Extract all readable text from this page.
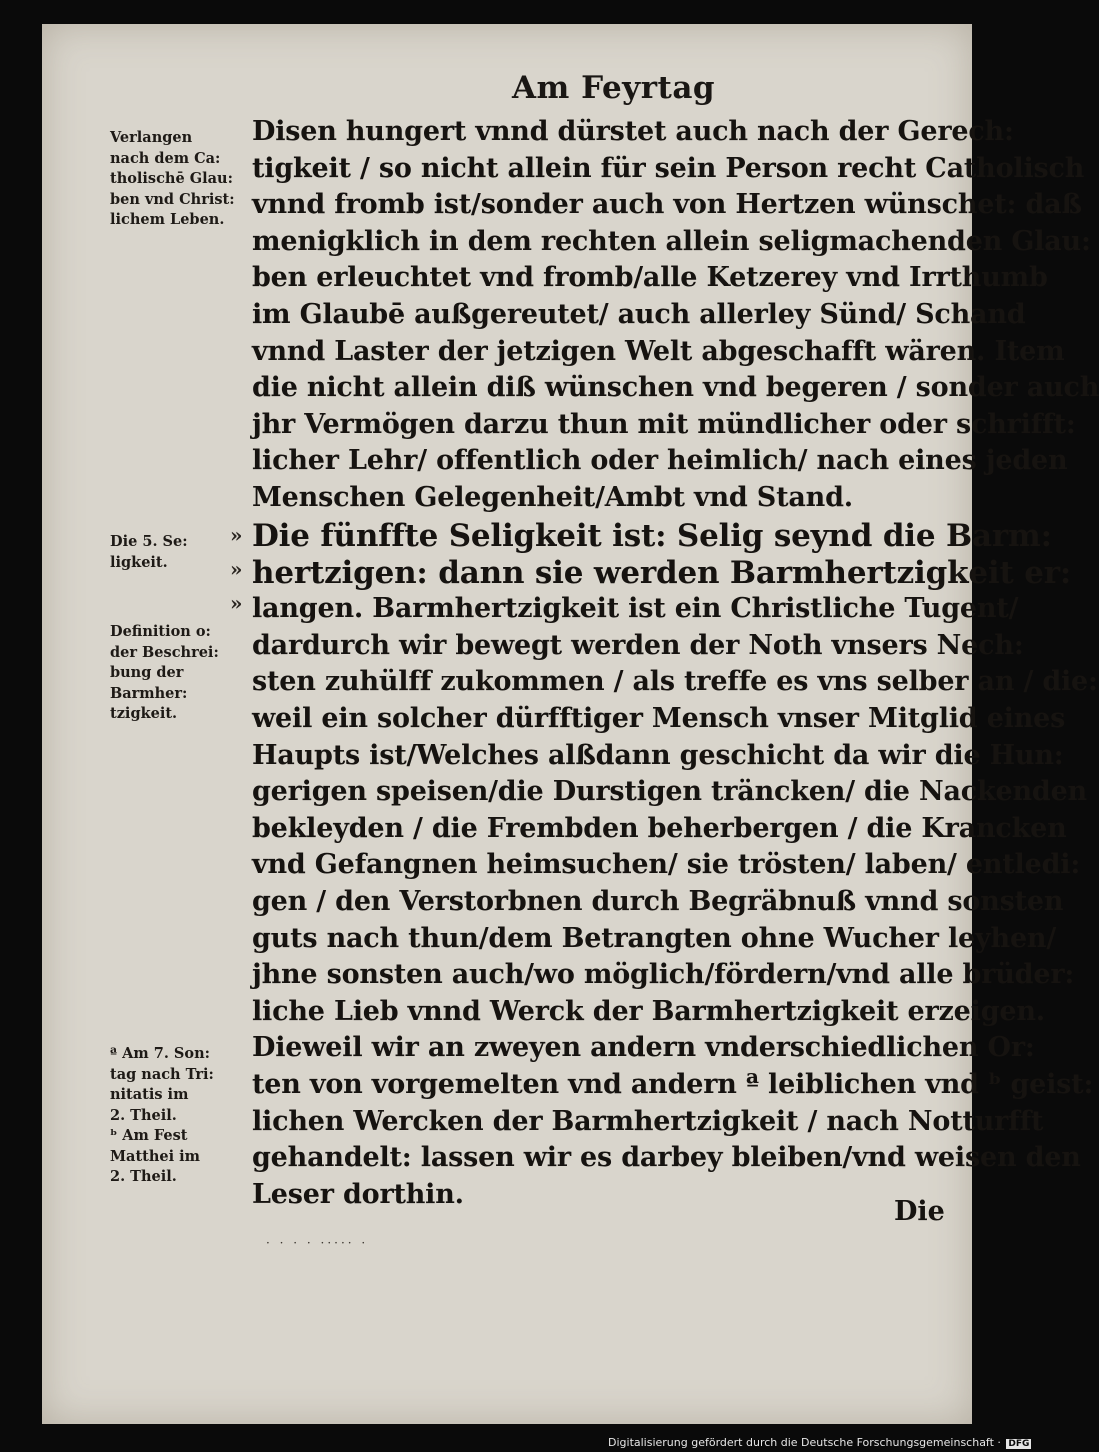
Am Feyrtag
Verlangen
nach dem Ca:
tholischē Glau:
ben vnd Christ:
lichem Leben.
Die 5. Se:
ligkeit.
»
»
»
Definition o:
der Beschrei:
bung der
Barmher:
tzigkeit.
ª Am 7. Son:
tag nach Tri:
nitatis im
2. Theil.
ᵇ Am Fest
Matthei im
2. Theil.
Disen hungert vnnd dürstet auch nach der Gerech:
tigkeit / so nicht allein für sein Person recht Catholisch
vnnd fromb ist/sonder auch von Hertzen wünschet: daß
menigklich in dem rechten allein seligmachenden Glau:
ben erleuchtet vnd fromb/alle Ketzerey vnd Irrthumb
im Glaubē außgereutet/ auch allerley Sünd/ Schand
vnnd Laster der jetzigen Welt abgeschafft wären. Item
die nicht allein diß wünschen vnd begeren / sonder auch
jhr Vermögen darzu thun mit mündlicher oder schrifft:
licher Lehr/ offentlich oder heimlich/ nach eines jeden
Menschen Gelegenheit/Ambt vnd Stand.
Die fünffte Seligkeit ist: Selig seynd die Barm:
hertzigen: dann sie werden Barmhertzigkeit er:
langen. Barmhertzigkeit ist ein Christliche Tugent/
dardurch wir bewegt werden der Noth vnsers Nech:
sten zuhülff zukommen / als treffe es vns selber an / die:
weil ein solcher dürfftiger Mensch vnser Mitglid eines
Haupts ist/Welches alßdann geschicht da wir die Hun:
gerigen speisen/die Durstigen träncken/ die Nackenden
bekleyden / die Frembden beherbergen / die Krancken
vnd Gefangnen heimsuchen/ sie trösten/ laben/ entledi:
gen / den Verstorbnen durch Begräbnuß vnnd sonsten
guts nach thun/dem Betrangten ohne Wucher leyhen/
jhne sonsten auch/wo möglich/fördern/vnd alle brüder:
liche Lieb vnnd Werck der Barmhertzigkeit erzeigen.
Dieweil wir an zweyen andern vnderschiedlichen Or:
ten von vorgemelten vnd andern ª leiblichen vnd ᵇ geist:
lichen Wercken der Barmhertzigkeit / nach Notturfft
gehandelt: lassen wir es darbey bleiben/vnd weisen den
Leser dorthin.
Die
· · · · ····· ·
Digitalisierung gefördert durch die Deutsche Forschungsgemeinschaft · DFG
